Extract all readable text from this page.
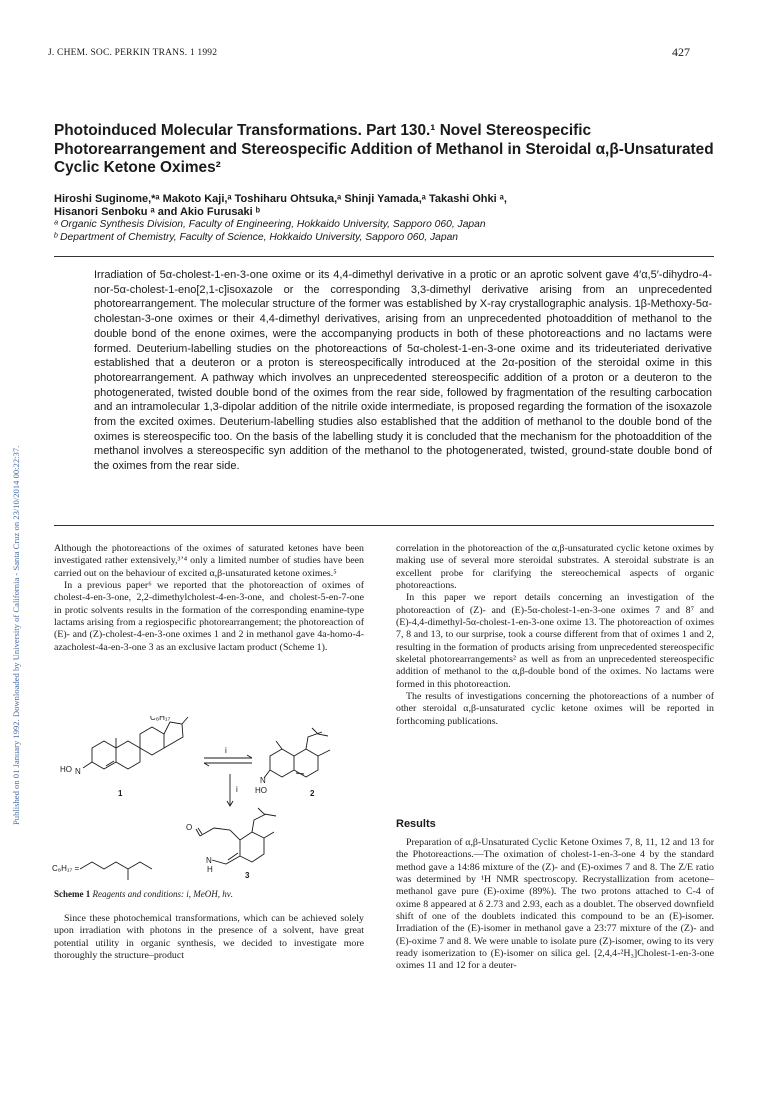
Published on 01 January 1992. Downloaded by University of California - Santa Cruz on 23/10/2014 00:22:37.
J. CHEM. SOC. PERKIN TRANS. 1 1992	427
Photoinduced Molecular Transformations. Part 130.¹ Novel Stereospecific Photorearrangement and Stereospecific Addition of Methanol in Steroidal α,β-Unsaturated Cyclic Ketone Oximes²
Hiroshi Suginome,*ᵃ Makoto Kaji,ᵃ Toshiharu Ohtsuka,ᵃ Shinji Yamada,ᵃ Takashi Ohki ᵃ,
Hisanori Senboku ᵃ and Akio Furusaki ᵇ
ᵃ Organic Synthesis Division, Faculty of Engineering, Hokkaido University, Sapporo 060, Japan
ᵇ Department of Chemistry, Faculty of Science, Hokkaido University, Sapporo 060, Japan

Irradiation of 5α-cholest-1-en-3-one oxime or its 4,4-dimethyl derivative in a protic or an aprotic solvent gave 4′α,5′-dihydro-4-nor-5α-cholest-1-eno[2,1-c]isoxazole or the corresponding 3,3-dimethyl derivative arising from an unprecedented photorearrangement. The molecular structure of the former was established by X-ray crystallographic analysis. 1β-Methoxy-5α-cholestan-3-one oximes or their 4,4-dimethyl derivatives, arising from an unprecedented photoaddition of methanol to the double bond of the enone oximes, were the accompanying products in both of these photoreactions and no lactams were formed. Deuterium-labelling studies on the photoreactions of 5α-cholest-1-en-3-one oxime and its trideuteriated derivative established that a deuteron or a proton is stereospecifically introduced at the 2α-position of the steroidal oxime in this photorearrangement. A pathway which involves an unprecedented stereospecific addition of a proton or a deuteron to the photogenerated, twisted double bond of the oximes from the rear side, followed by fragmentation of the resulting carbocation and an intramolecular 1,3-dipolar addition of the nitrile oxide intermediate, is proposed regarding the formation of the isoxazole from the excited oximes. Deuterium-labelling studies also established that the addition of methanol to the double bond of the oximes is stereospecific too. On the basis of the labelling study it is concluded that the mechanism for the photoaddition of the methanol involves a stereospecific syn addition of the methanol to the photogenerated, twisted, ground-state double bond of the oximes from the rear side.

Although the photoreactions of the oximes of saturated ketones have been investigated rather extensively,³ʼ⁴ only a limited number of studies have been carried out on the behaviour of excited α,β-unsaturated ketone oximes.⁵

In a previous paper⁶ we reported that the photoreaction of oximes of cholest-4-en-3-one, 2,2-dimethylcholest-4-en-3-one, and cholest-5-en-7-one in protic solvents results in the formation of the corresponding enamine-type lactams arising from a regiospecific photorearrangement; the photoreaction of (E)- and (Z)-cholest-4-en-3-one oximes 1 and 2 in methanol gave 4a-homo-4-azacholest-4a-en-3-one 3 as an exclusive lactam product (Scheme 1).

C₈H₁₇
HO N
N
HO
i
i
O
N
H
C₈H₁₇ =
1	2
3
Scheme 1 Reagents and conditions: i, MeOH, hν.

Since these photochemical transformations, which can be achieved solely upon irradiation with photons in the presence of a solvent, have great potential utility in organic synthesis, we decided to investigate more thoroughly the structure–product

correlation in the photoreaction of the α,β-unsaturated cyclic ketone oximes by making use of several more steroidal substrates. A steroidal substrate is an excellent probe for clarifying the stereochemical aspects of organic photoreactions.

In this paper we report details concerning an investigation of the photoreaction of (Z)- and (E)-5α-cholest-1-en-3-one oximes 7 and 8⁷ and (E)-4,4-dimethyl-5α-cholest-1-en-3-one oxime 13. The photoreaction of oximes 7, 8 and 13, to our surprise, took a course different from that of oximes 1 and 2, resulting in the formation of products arising from unprecedented stereospecific skeletal photorearrangements² as well as from an unprecedented stereospecific addition of methanol to the α,β-double bond of the oximes. No lactams were formed in this photoreaction.

The results of investigations concerning the photoreactions of a number of other steroidal α,β-unsaturated cyclic ketone oximes will be reported in forthcoming publications.

Results

Preparation of α,β-Unsaturated Cyclic Ketone Oximes 7, 8, 11, 12 and 13 for the Photoreactions.—The oximation of cholest-1-en-3-one 4 by the standard method gave a 14:86 mixture of the (Z)- and (E)-oximes 7 and 8. The Z/E ratio was determined by ¹H NMR spectroscopy. Recrystallization from acetone–methanol gave pure (E)-oxime (89%). The two protons attached to C-4 of oxime 8 appeared at δ 2.73 and 2.93, each as a doublet. The observed downfield shift of one of the doublets indicated this compound to be an (E)-isomer. Irradiation of the (E)-isomer in methanol gave a 23:77 mixture of the (Z)- and (E)-oxime 7 and 8. We were unable to isolate pure (Z)-isomer, owing to its very ready isomerization to (E)-isomer on silica gel. [2,4,4-²H₃]Cholest-1-en-3-one oximes 11 and 12 for a deuter-
